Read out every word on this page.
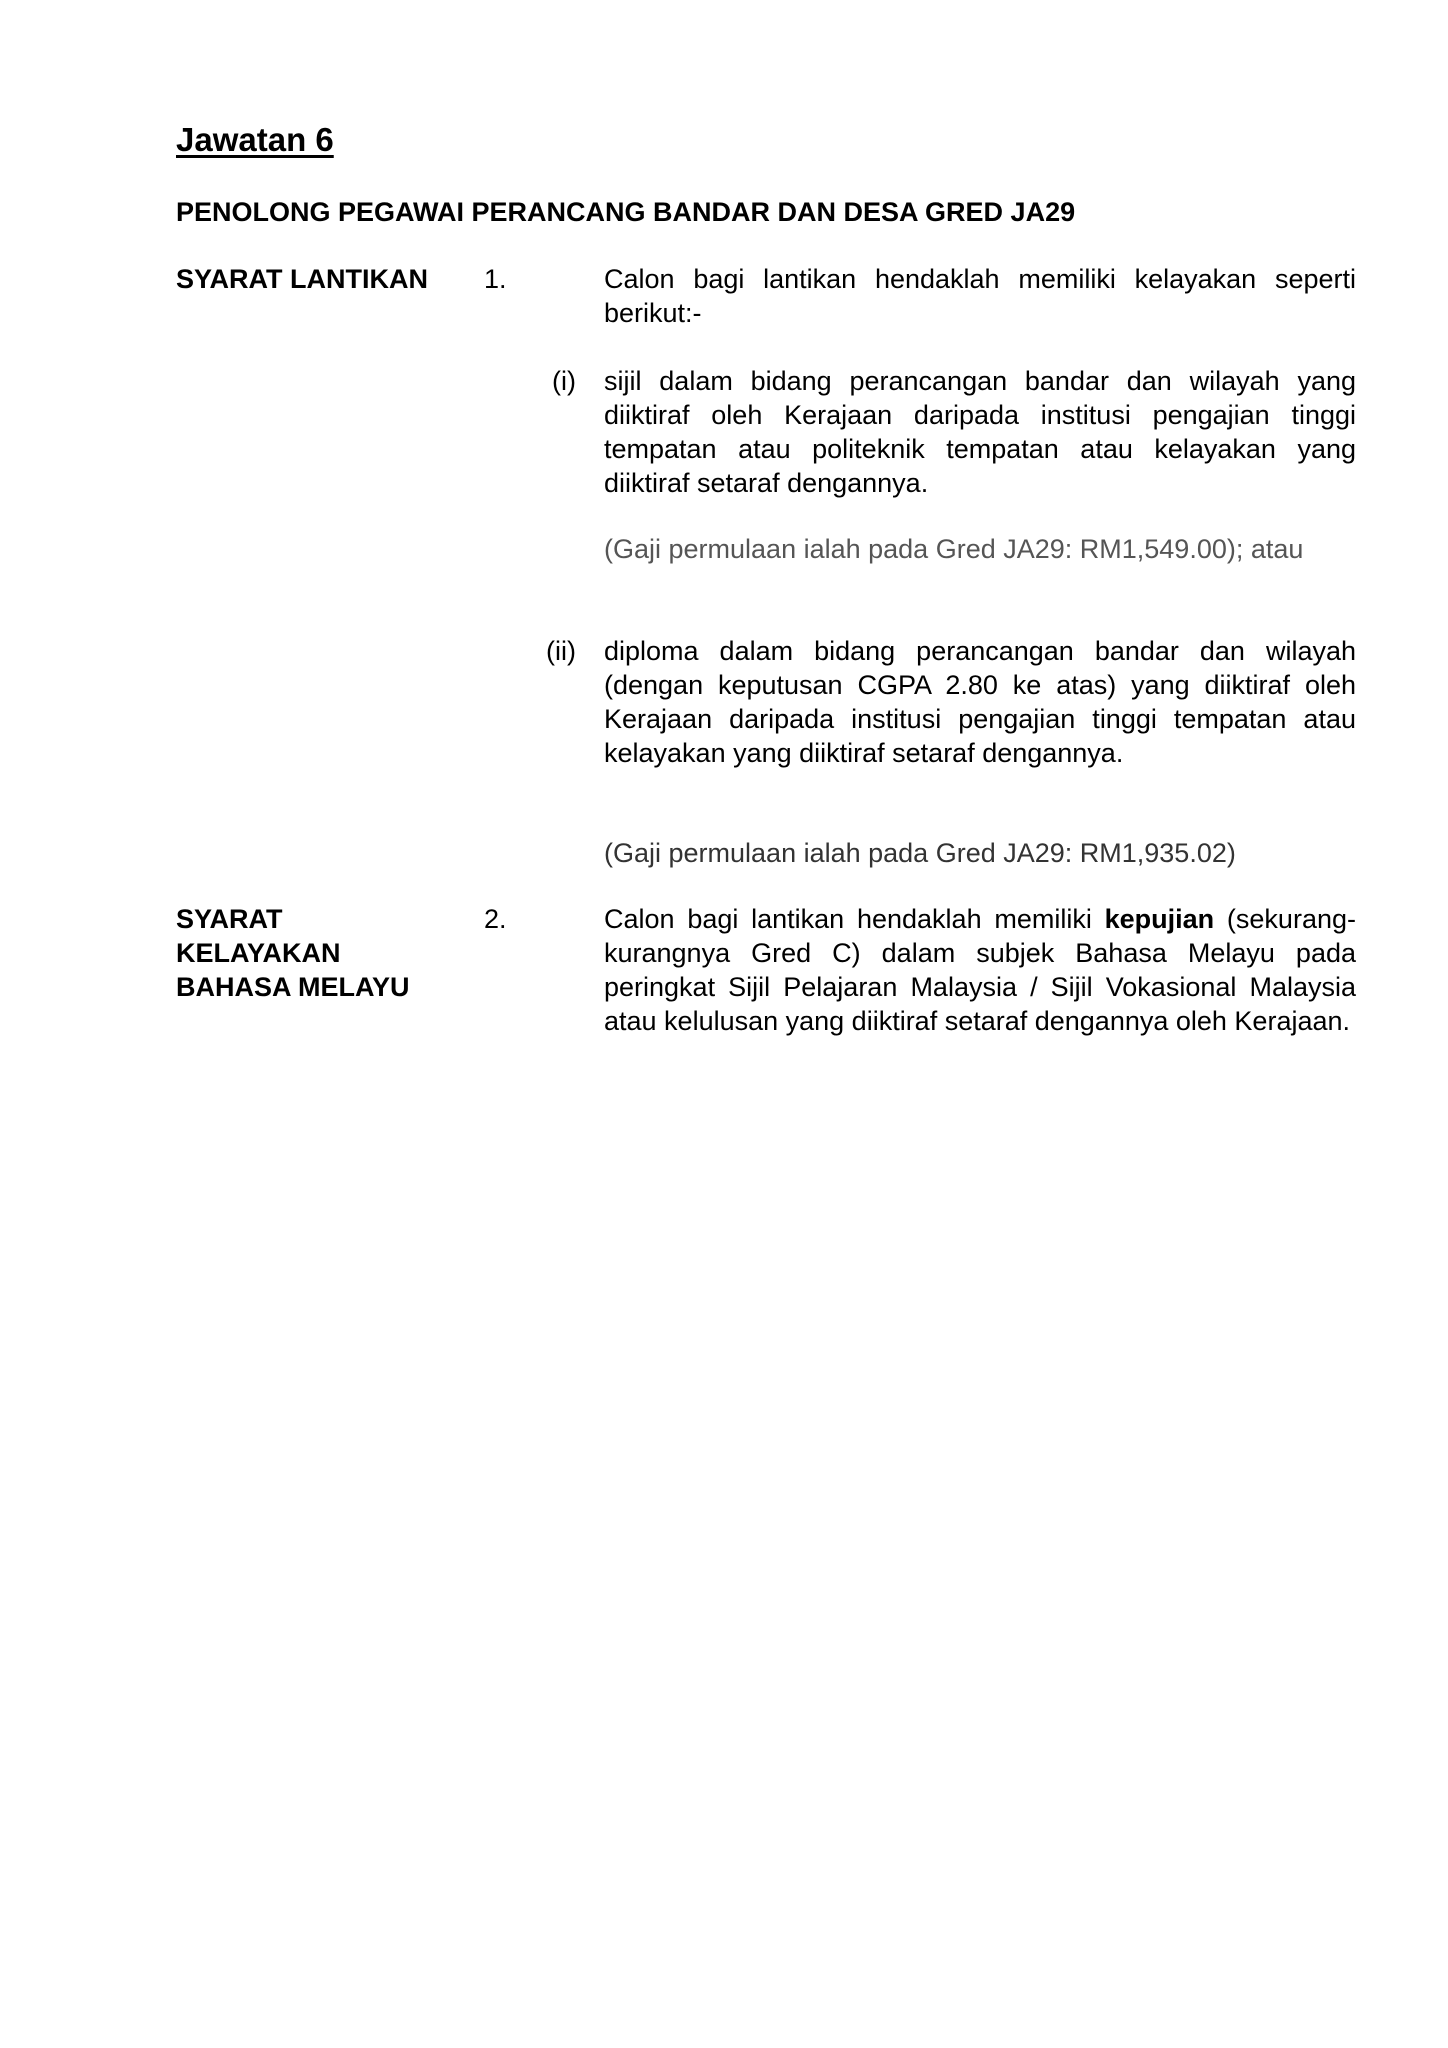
Jawatan 6
PENOLONG PEGAWAI PERANCANG BANDAR DAN DESA GRED JA29
SYARAT LANTIKAN 1.	Calon bagi lantikan hendaklah memiliki kelayakan seperti berikut:-

(i) sijil dalam bidang perancangan bandar dan wilayah yang diiktiraf oleh Kerajaan daripada institusi pengajian tinggi tempatan atau politeknik tempatan atau kelayakan yang diiktiraf setaraf dengannya.

(Gaji permulaan ialah pada Gred JA29: RM1,549.00); atau

(ii) diploma dalam bidang perancangan bandar dan wilayah (dengan keputusan CGPA 2.80 ke atas) yang diiktiraf oleh Kerajaan daripada institusi pengajian tinggi tempatan atau kelayakan yang diiktiraf setaraf dengannya.

(Gaji permulaan ialah pada Gred JA29: RM1,935.02)

SYARAT
KELAYAKAN
BAHASA MELAYU
2.	Calon bagi lantikan hendaklah memiliki kepujian (sekurang-kurangnya Gred C) dalam subjek Bahasa Melayu pada peringkat Sijil Pelajaran Malaysia / Sijil Vokasional Malaysia atau kelulusan yang diiktiraf setaraf dengannya oleh Kerajaan.
